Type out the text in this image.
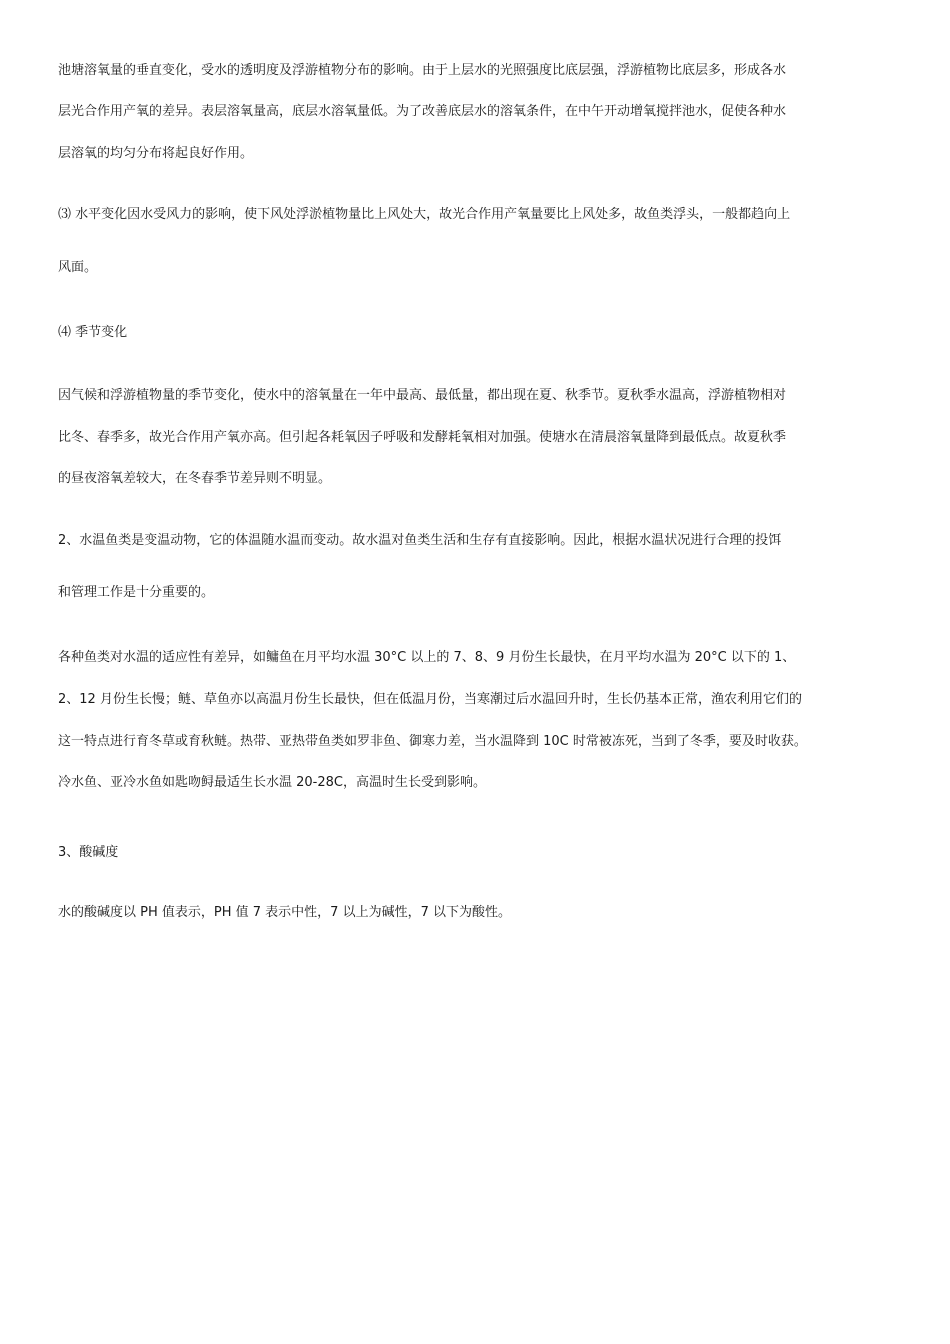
池塘溶氧量的垂直变化，受水的透明度及浮游植物分布的影响。由于上层水的光照强度比底层强，浮游植物比底层多，形成各水
层光合作用产氧的差异。表层溶氧量高，底层水溶氧量低。为了改善底层水的溶氧条件，在中午开动增氧搅拌池水，促使各种水
层溶氧的均匀分布将起良好作用。
⑶ 水平变化因水受风力的影响，使下风处浮淤植物量比上风处大，故光合作用产氧量要比上风处多，故鱼类浮头，一般都趋向上
风面。
⑷ 季节变化
因气候和浮游植物量的季节变化，使水中的溶氧量在一年中最高、最低量，都出现在夏、秋季节。夏秋季水温高，浮游植物相对
比冬、春季多，故光合作用产氧亦高。但引起各耗氧因子呼吸和发酵耗氧相对加强。使塘水在清晨溶氧量降到最低点。故夏秋季
的昼夜溶氧差较大，在冬春季节差异则不明显。
2、水温鱼类是变温动物，它的体温随水温而变动。故水温对鱼类生活和生存有直接影响。因此，根据水温状况进行合理的投饵
和管理工作是十分重要的。
各种鱼类对水温的适应性有差异，如鳙鱼在月平均水温 30°C 以上的 7、8、9 月份生长最快，在月平均水温为 20°C 以下的 1、
2、12 月份生长慢；鲢、草鱼亦以高温月份生长最快，但在低温月份，当寒潮过后水温回升时，生长仍基本正常，渔农利用它们的
这一特点进行育冬草或育秋鲢。热带、亚热带鱼类如罗非鱼、御寒力差，当水温降到 10C 时常被冻死，当到了冬季，要及时收获。
冷水鱼、亚冷水鱼如匙吻鲟最适生长水温 20-28C，高温时生长受到影响。
3、酸碱度
水的酸碱度以 PH 值表示，PH 值 7 表示中性，7 以上为碱性，7 以下为酸性。
